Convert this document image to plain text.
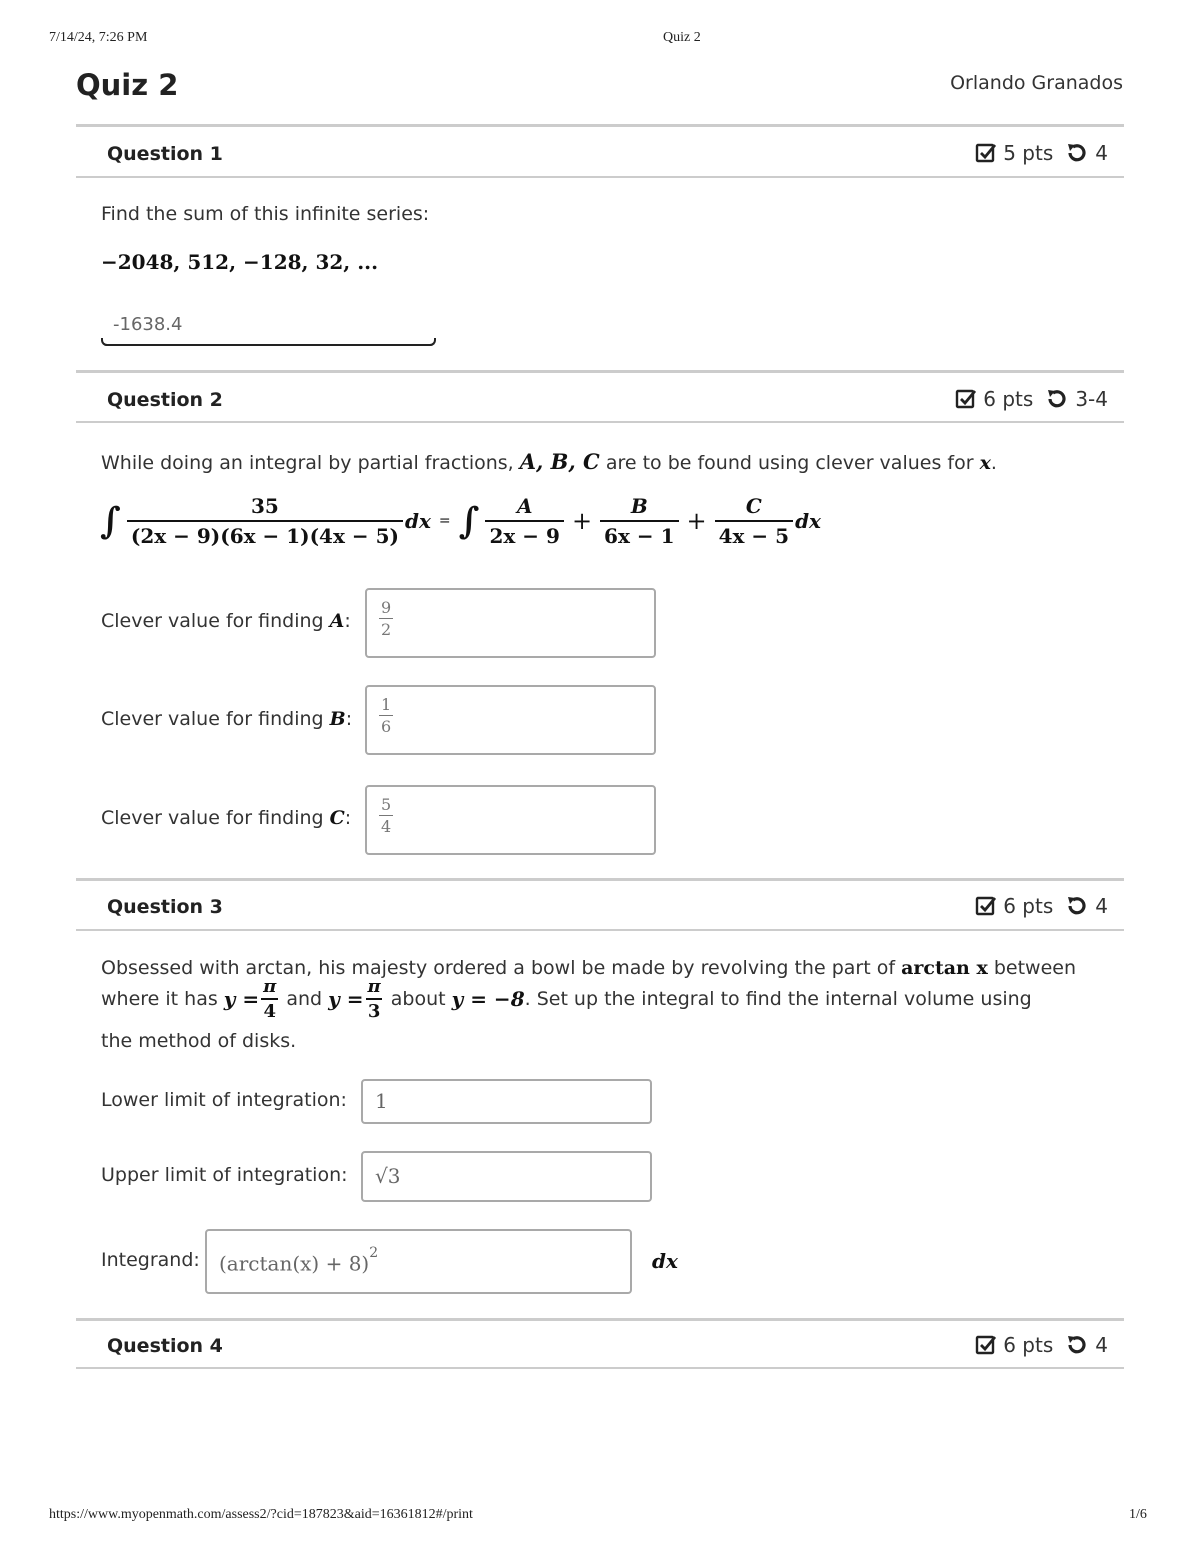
7/14/24, 7:26 PM	Quiz 2
Quiz 2	Orlando Granados
Question 1	5 pts 4
Find the sum of this infinite series:
−2048, 512, −128, 32, ...
-1638.4
Question 2	6 pts 3-4
While doing an integral by partial fractions, A, B, C are to be found using clever values for x.
∫ $\frac{35}{(2x - 9)(6x - 1)(4x - 5)}$ dx = ∫ $\frac{A}{2x - 9} + \frac{B}{6x - 1} + \frac{C}{4x - 5}$ dx
Clever value for finding A: $\frac{9}{2}$
Clever value for finding B: $\frac{1}{6}$
Clever value for finding C: $\frac{5}{4}$
Question 3	6 pts 4
Obsessed with arctan, his majesty ordered a bowl be made by revolving the part of arctan x between
where it has
$y = \frac{\pi}{4}$
and
$y = \frac{\pi}{3}$
about
y = −8 . Set up the integral to find the internal volume using
the method of disks.
Lower limit of integration: 1
Upper limit of integration: √3
Integrand: $(\arctan(x) + 8)^2$	dx
Question 4	6 pts 4
https://www.myopenmath.com/assess2/?cid=187823&aid=16361812#/print	1/6
